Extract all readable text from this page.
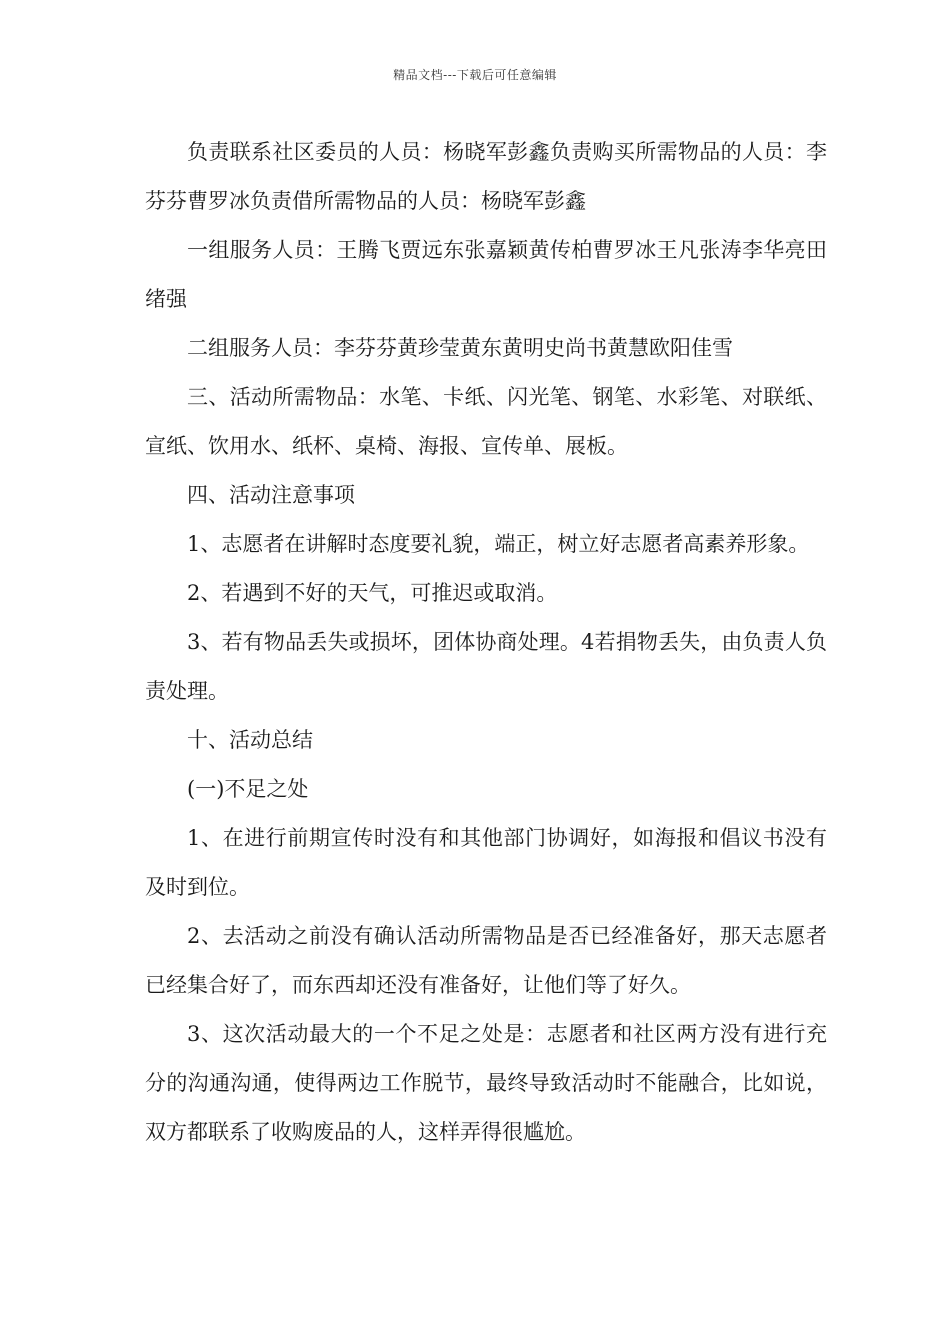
精品文档---下载后可任意编辑

负责联系社区委员的人员：杨晓军彭鑫负责购买所需物品的人员：李芬芬曹罗冰负责借所需物品的人员：杨晓军彭鑫

一组服务人员：王腾飞贾远东张嘉颖黄传柏曹罗冰王凡张涛李华亮田绪强

二组服务人员：李芬芬黄珍莹黄东黄明史尚书黄慧欧阳佳雪

三、活动所需物品：水笔、卡纸、闪光笔、钢笔、水彩笔、对联纸、宣纸、饮用水、纸杯、桌椅、海报、宣传单、展板。

四、活动注意事项

1、志愿者在讲解时态度要礼貌，端正，树立好志愿者高素养形象。

2、若遇到不好的天气，可推迟或取消。

3、若有物品丢失或损坏，团体协商处理。4若捐物丢失，由负责人负责处理。

十、活动总结

(一)不足之处

1、在进行前期宣传时没有和其他部门协调好，如海报和倡议书没有及时到位。

2、去活动之前没有确认活动所需物品是否已经准备好，那天志愿者已经集合好了，而东西却还没有准备好，让他们等了好久。

3、这次活动最大的一个不足之处是：志愿者和社区两方没有进行充分的沟通沟通，使得两边工作脱节，最终导致活动时不能融合，比如说，双方都联系了收购废品的人，这样弄得很尴尬。
